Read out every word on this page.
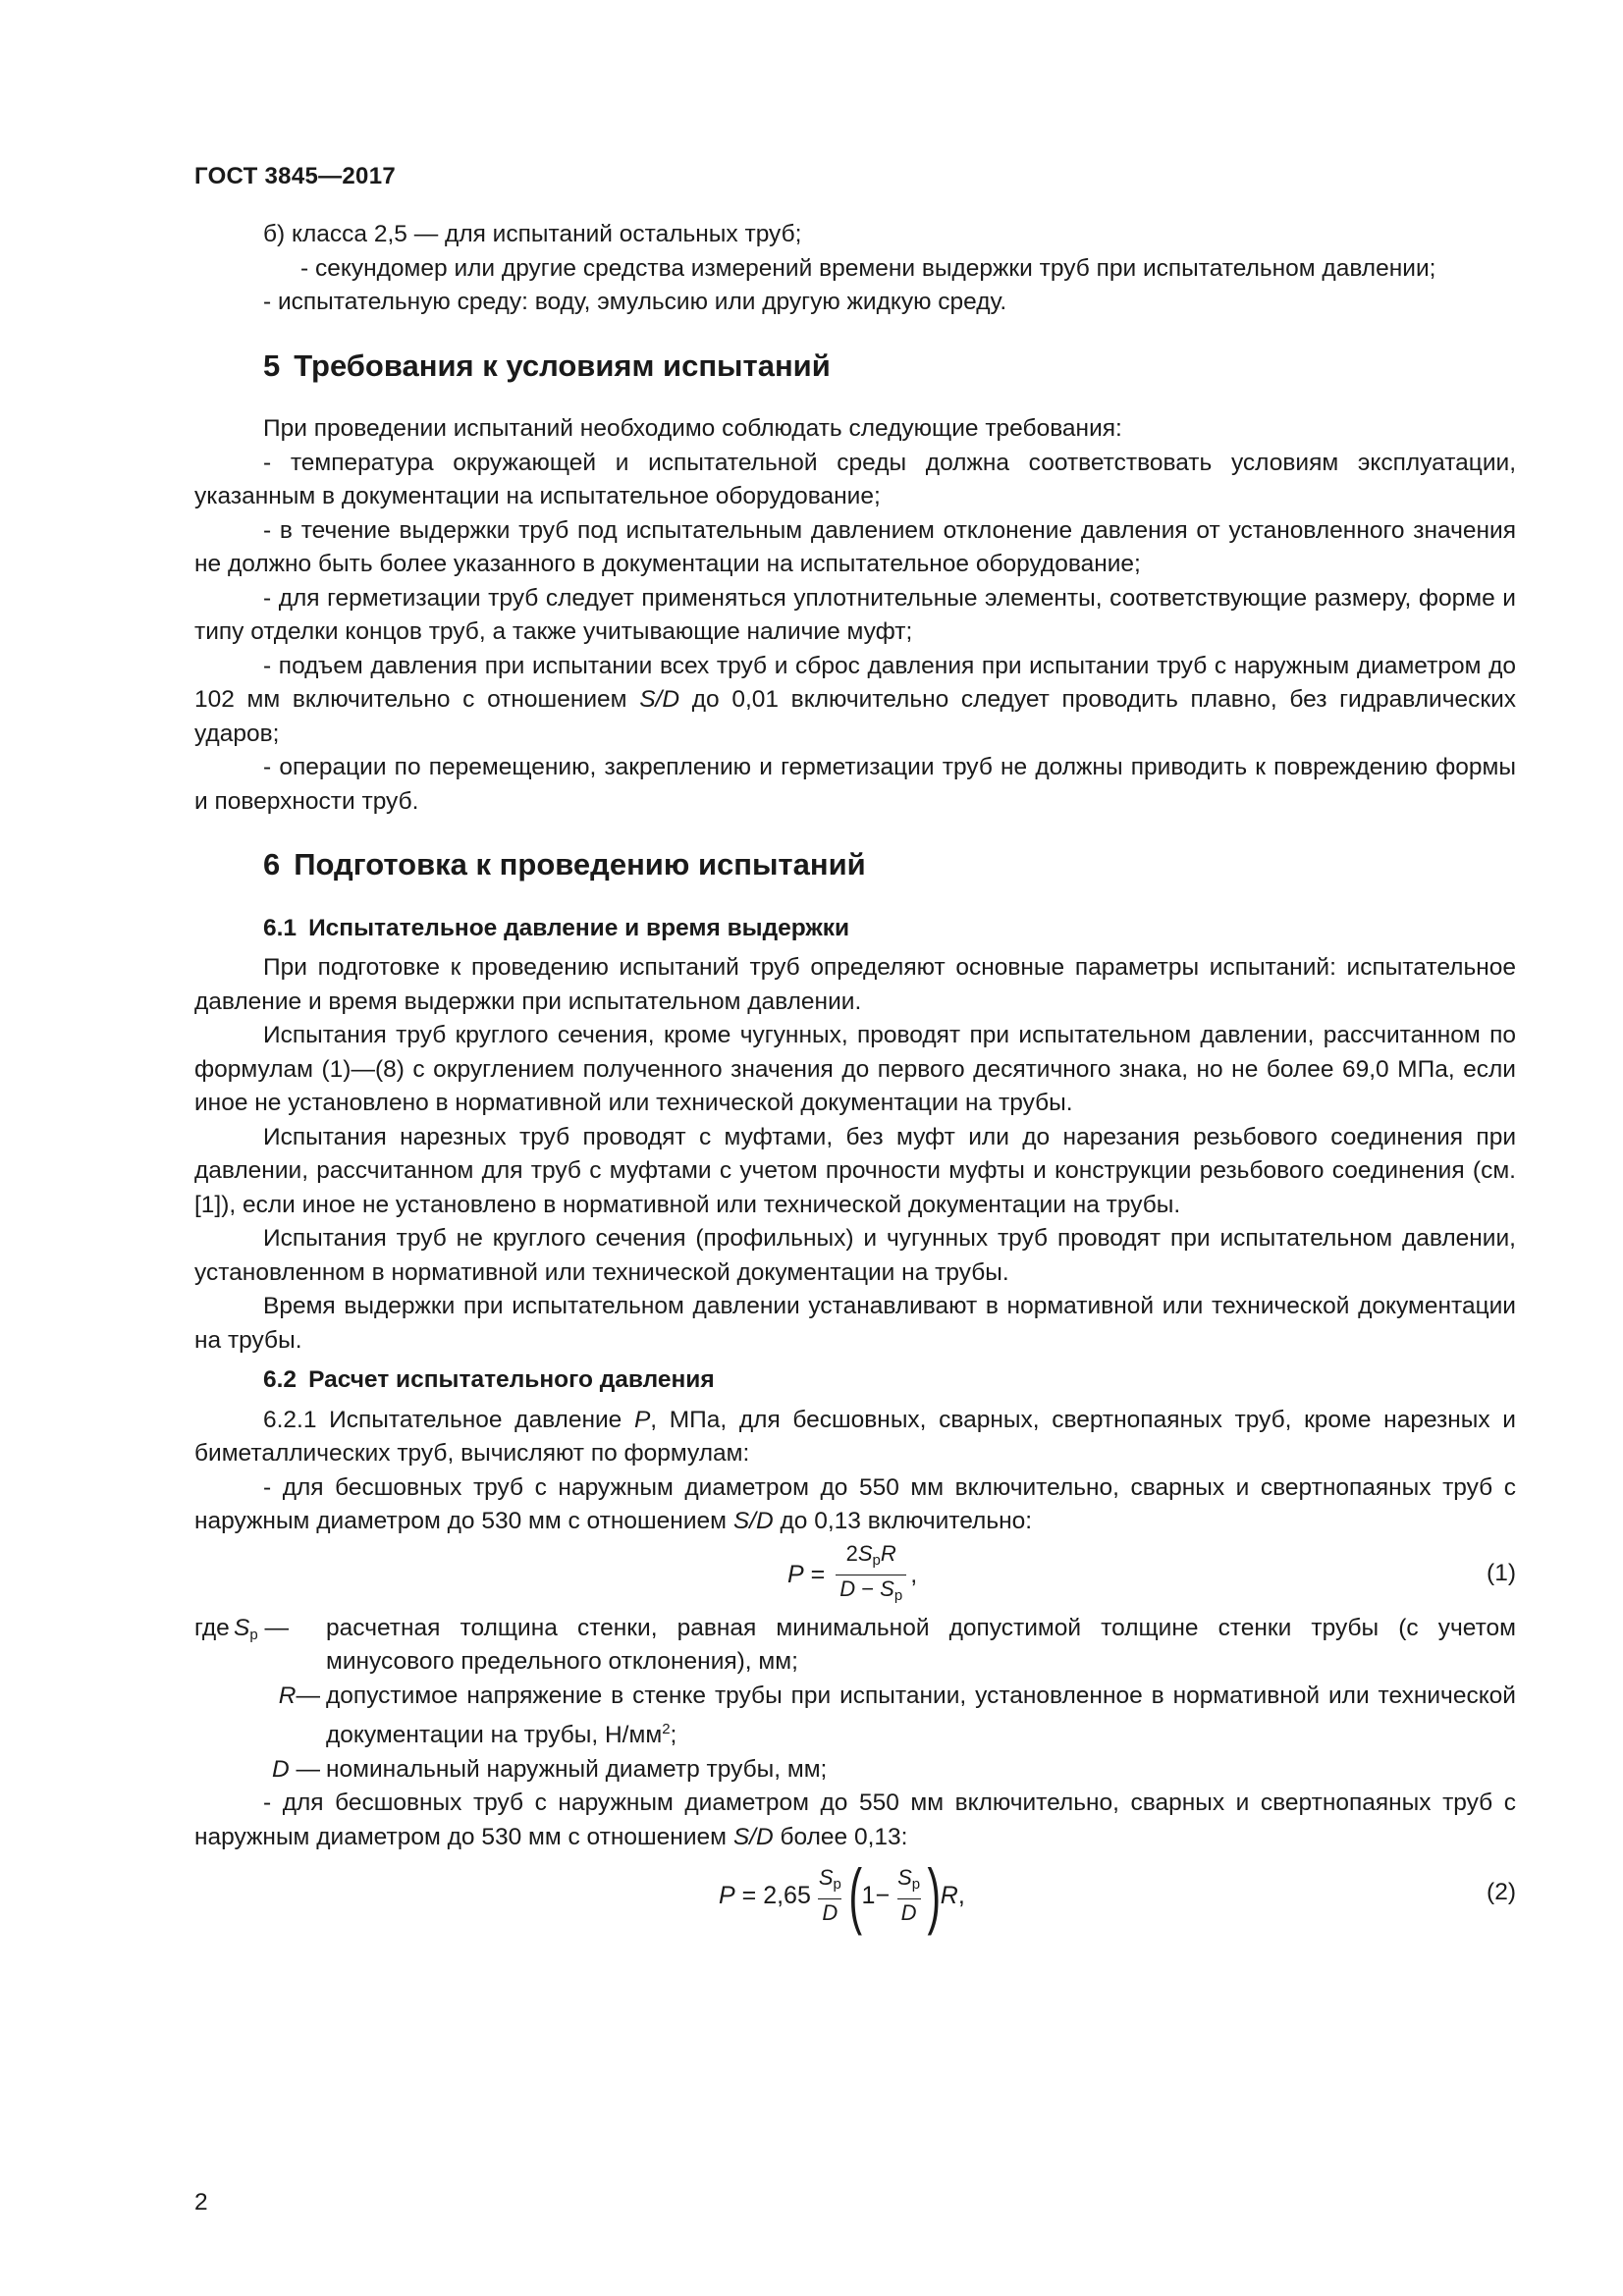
ГОСТ 3845—2017

б) класса 2,5 — для испытаний остальных труб;

- секундомер или другие средства измерений времени выдержки труб при испытательном давлении;

- испытательную среду: воду, эмульсию или другую жидкую среду.

5 Требования к условиям испытаний

При проведении испытаний необходимо соблюдать следующие требования:

- температура окружающей и испытательной среды должна соответствовать условиям эксплуатации, указанным в документации на испытательное оборудование;

- в течение выдержки труб под испытательным давлением отклонение давления от установленного значения не должно быть более указанного в документации на испытательное оборудование;

- для герметизации труб следует применяться уплотнительные элементы, соответствующие размеру, форме и типу отделки концов труб, а также учитывающие наличие муфт;

- подъем давления при испытании всех труб и сброс давления при испытании труб с наружным диаметром до 102 мм включительно с отношением S/D до 0,01 включительно следует проводить плавно, без гидравлических ударов;

- операции по перемещению, закреплению и герметизации труб не должны приводить к повреждению формы и поверхности труб.

6 Подготовка к проведению испытаний
6.1 Испытательное давление и время выдержки

При подготовке к проведению испытаний труб определяют основные параметры испытаний: испытательное давление и время выдержки при испытательном давлении.

Испытания труб круглого сечения, кроме чугунных, проводят при испытательном давлении, рассчитанном по формулам (1)—(8) с округлением полученного значения до первого десятичного знака, но не более 69,0 МПа, если иное не установлено в нормативной или технической документации на трубы.

Испытания нарезных труб проводят с муфтами, без муфт или до нарезания резьбового соединения при давлении, рассчитанном для труб с муфтами с учетом прочности муфты и конструкции резьбового соединения (см. [1]), если иное не установлено в нормативной или технической документации на трубы.

Испытания труб не круглого сечения (профильных) и чугунных труб проводят при испытательном давлении, установленном в нормативной или технической документации на трубы.

Время выдержки при испытательном давлении устанавливают в нормативной или технической документации на трубы.

6.2 Расчет испытательного давления

6.2.1 Испытательное давление P, МПа, для бесшовных, сварных, свертнопаяных труб, кроме нарезных и биметаллических труб, вычисляют по формулам:

- для бесшовных труб с наружным диаметром до 550 мм включительно, сварных и свертнопаяных труб с наружным диаметром до 530 мм с отношением S/D до 0,13 включительно:

$P = \frac{2S_рR}{D - S_р}$ ,	(1)
где $S_р$ —	расчетная толщина стенки, равная минимальной допустимой толщине стенки трубы (с учетом минусового предельного отклонения), мм;
R— допустимое напряжение в стенке трубы при испытании, установленное в нормативной или технической документации на трубы, $Н/мм^2$;
D — номинальный наружный диаметр трубы, мм;

- для бесшовных труб с наружным диаметром до 550 мм включительно, сварных и свертнопаяных труб с наружным диаметром до 530 мм с отношением S/D более 0,13:

$P = 2,65 \frac{S_р}{D}$ ( $1- \frac{S_р}{D}$ ) R ,	(2)
2
